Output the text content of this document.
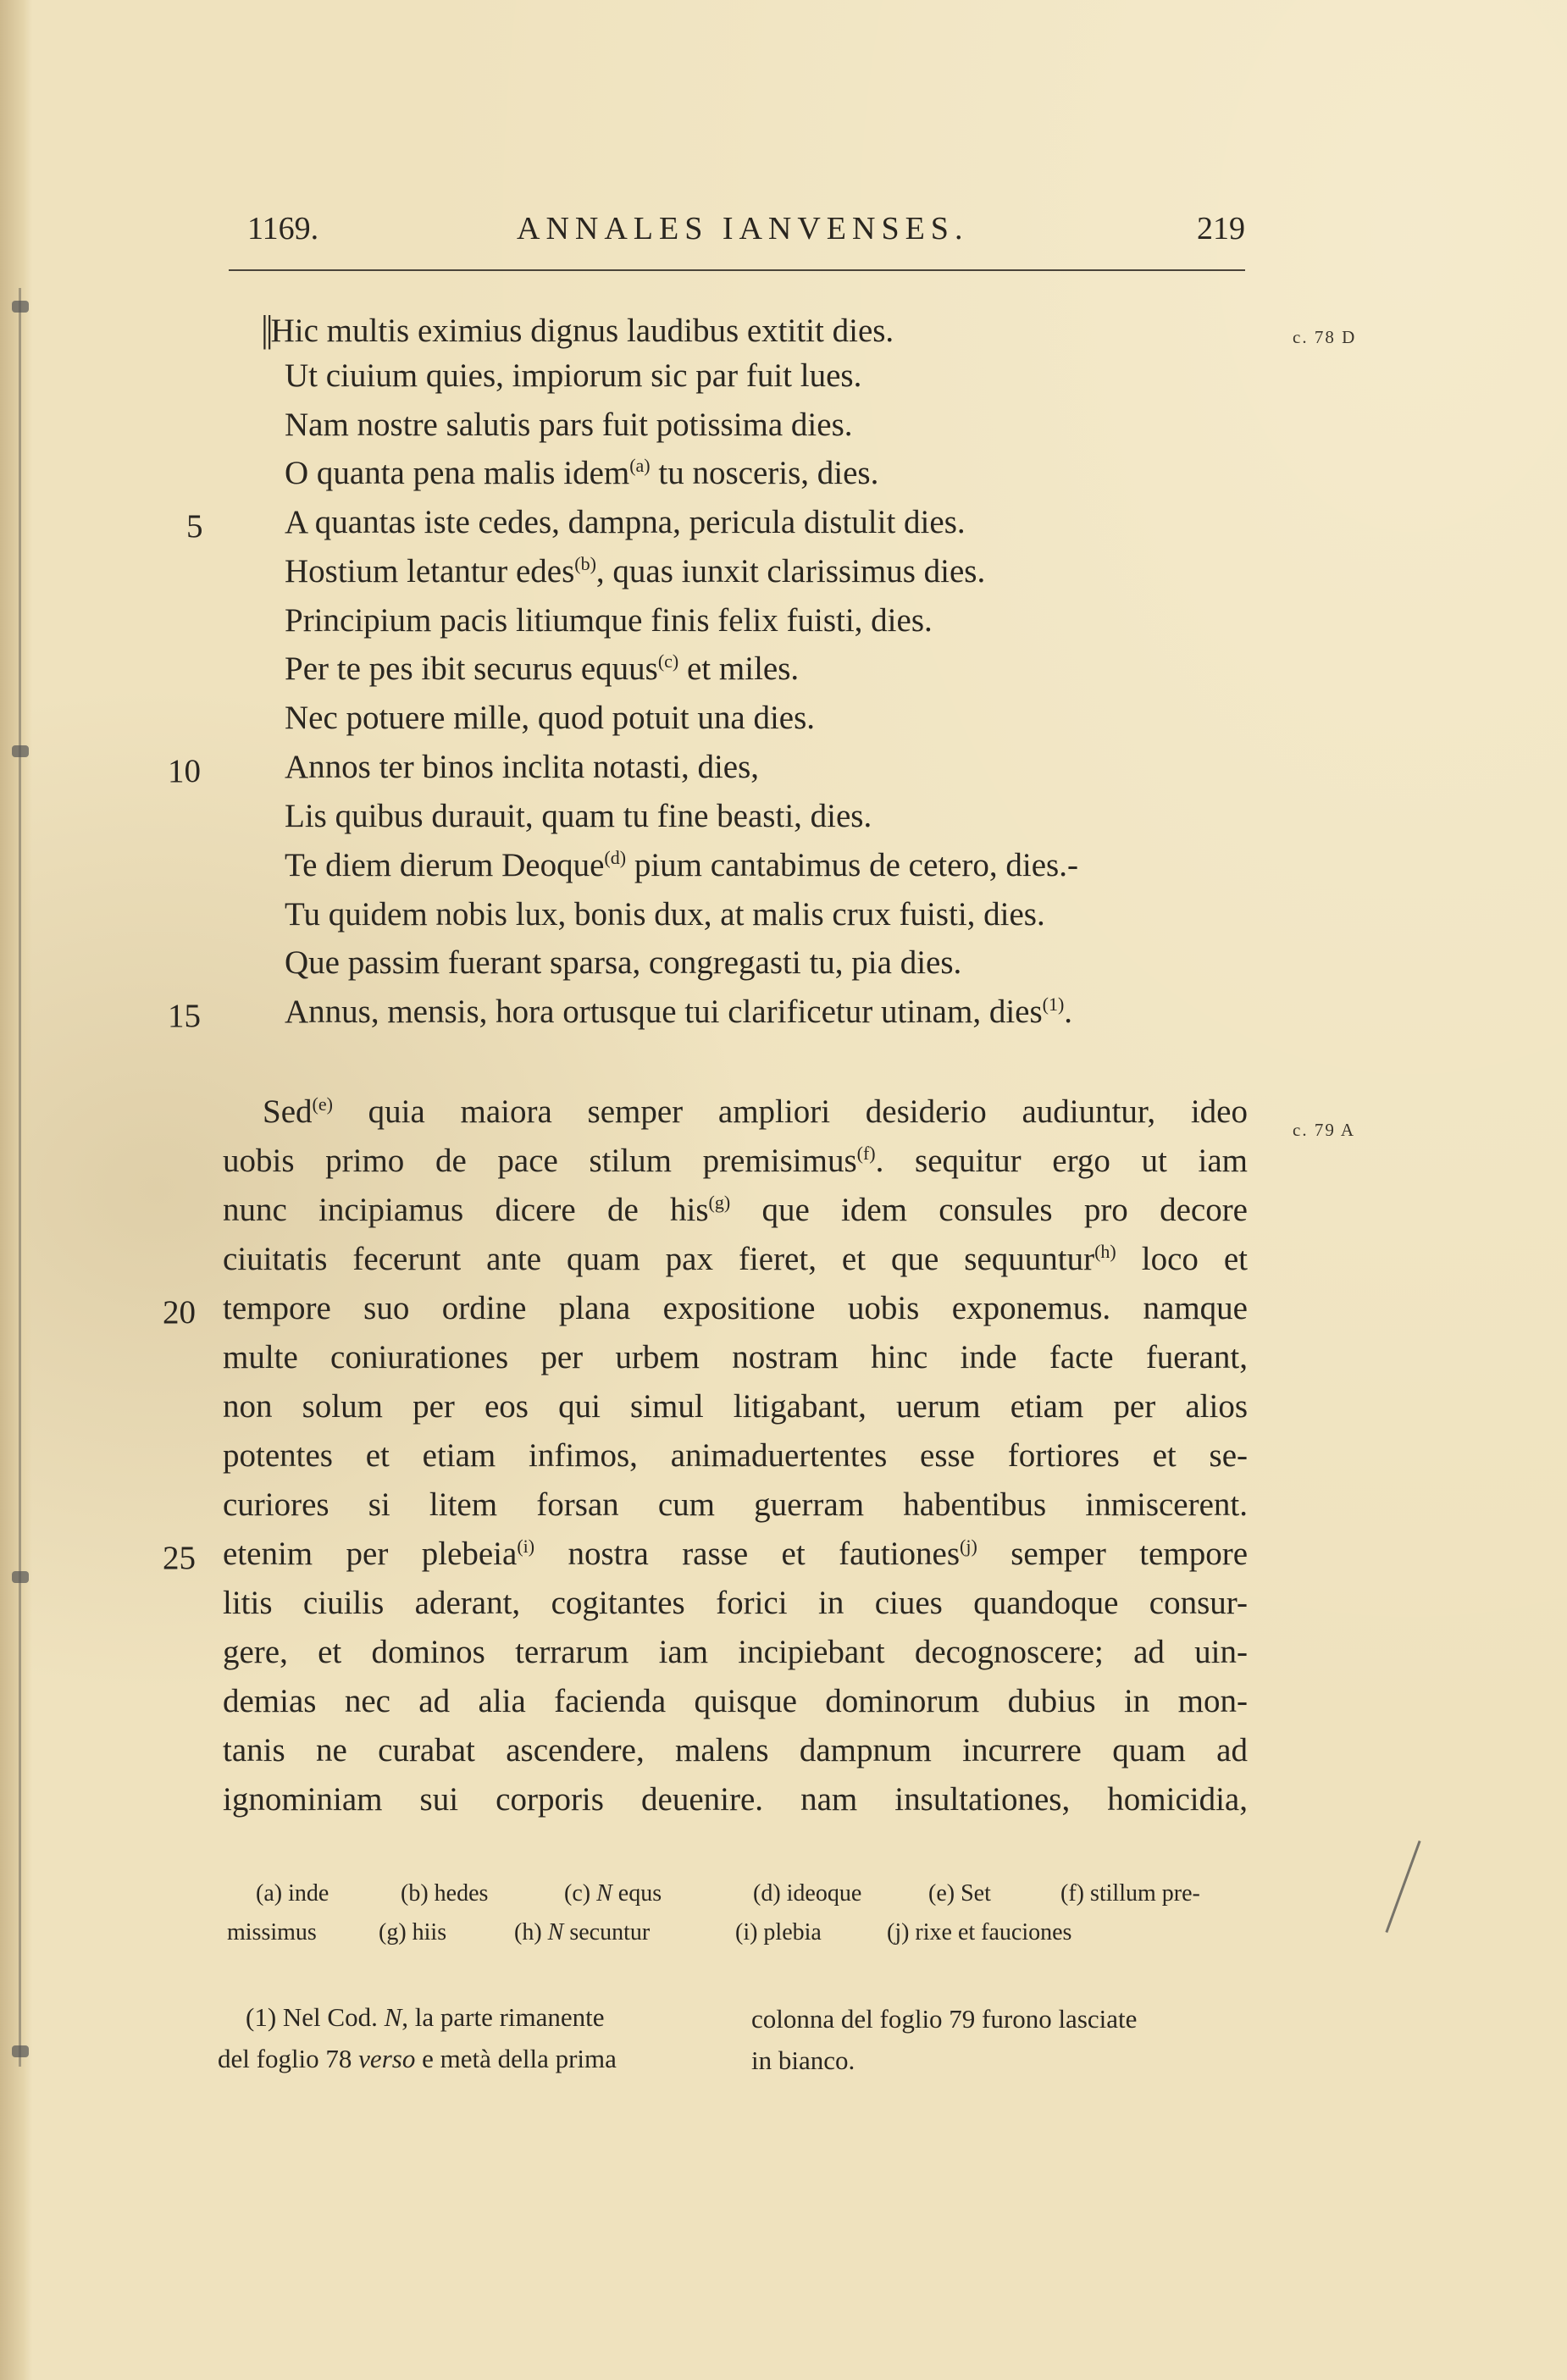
1169.	ANNALES IANVENSES.	219
c. 78 D
c. 79 A
||Hic multis eximius dignus laudibus extitit dies.
Ut ciuium quies, impiorum sic par fuit lues.
Nam nostre salutis pars fuit potissima dies.
O quanta pena malis idem$^{(a)}$ tu nosceris, dies.
5 A quantas iste cedes, dampna, pericula distulit dies.
Hostium letantur edes$^{(b)}$, quas iunxit clarissimus dies.
Principium pacis litiumque finis felix fuisti, dies.
Per te pes ibit securus equus$^{(c)}$ et miles.
Nec potuere mille, quod potuit una dies.
10	Annos ter binos inclita notasti, dies,
Lis quibus durauit, quam tu fine beasti, dies.
Te diem dierum Deoque$^{(d)}$ pium cantabimus de cetero, dies.-
Tu quidem nobis lux, bonis dux, at malis crux fuisti, dies.
Que passim fuerant sparsa, congregasti tu, pia dies.
15	Annus, mensis, hora ortusque tui clarificetur utinam, dies$^{(1)}$.
Sed$^{(e)}$ quia maiora semper ampliori desiderio audiuntur, ideo
uobis primo de pace stilum premisimus$^{(f)}$. sequitur ergo ut iam
nunc incipiamus dicere de his$^{(g)}$ que idem consules pro decore
ciuitatis fecerunt ante quam pax fieret, et que sequuntur$^{(h)}$ loco et
20 tempore suo ordine plana expositione uobis exponemus. namque
multe coniurationes per urbem nostram hinc inde facte fuerant,
non solum per eos qui simul litigabant, uerum etiam per alios
potentes et etiam infimos, animaduertentes esse fortiores et se-
curiores si litem forsan cum guerram habentibus inmiscerent.
25 etenim per plebeia$^{(i)}$ nostra rasse et fautiones$^{(j)}$ semper tempore
litis ciuilis aderant, cogitantes forici in ciues quandoque consur-
gere, et dominos terrarum iam incipiebant decognoscere; ad uin-
demias nec ad alia facienda quisque dominorum dubius in mon-
tanis ne curabat ascendere, malens dampnum incurrere quam ad
ignominiam sui corporis deuenire. nam insultationes, homicidia,
(a) inde	(b) hedes	(c) N equs	(d) ideoque	(e) Set	(f) stillum pre-
missimus	(g) hiis	(h) N secuntur	(i) plebia	(j) rixe et fauciones
(1) Nel Cod. N, la parte rimanente
del foglio 78 verso e metà della prima
colonna del foglio 79 furono lasciate
in bianco.
